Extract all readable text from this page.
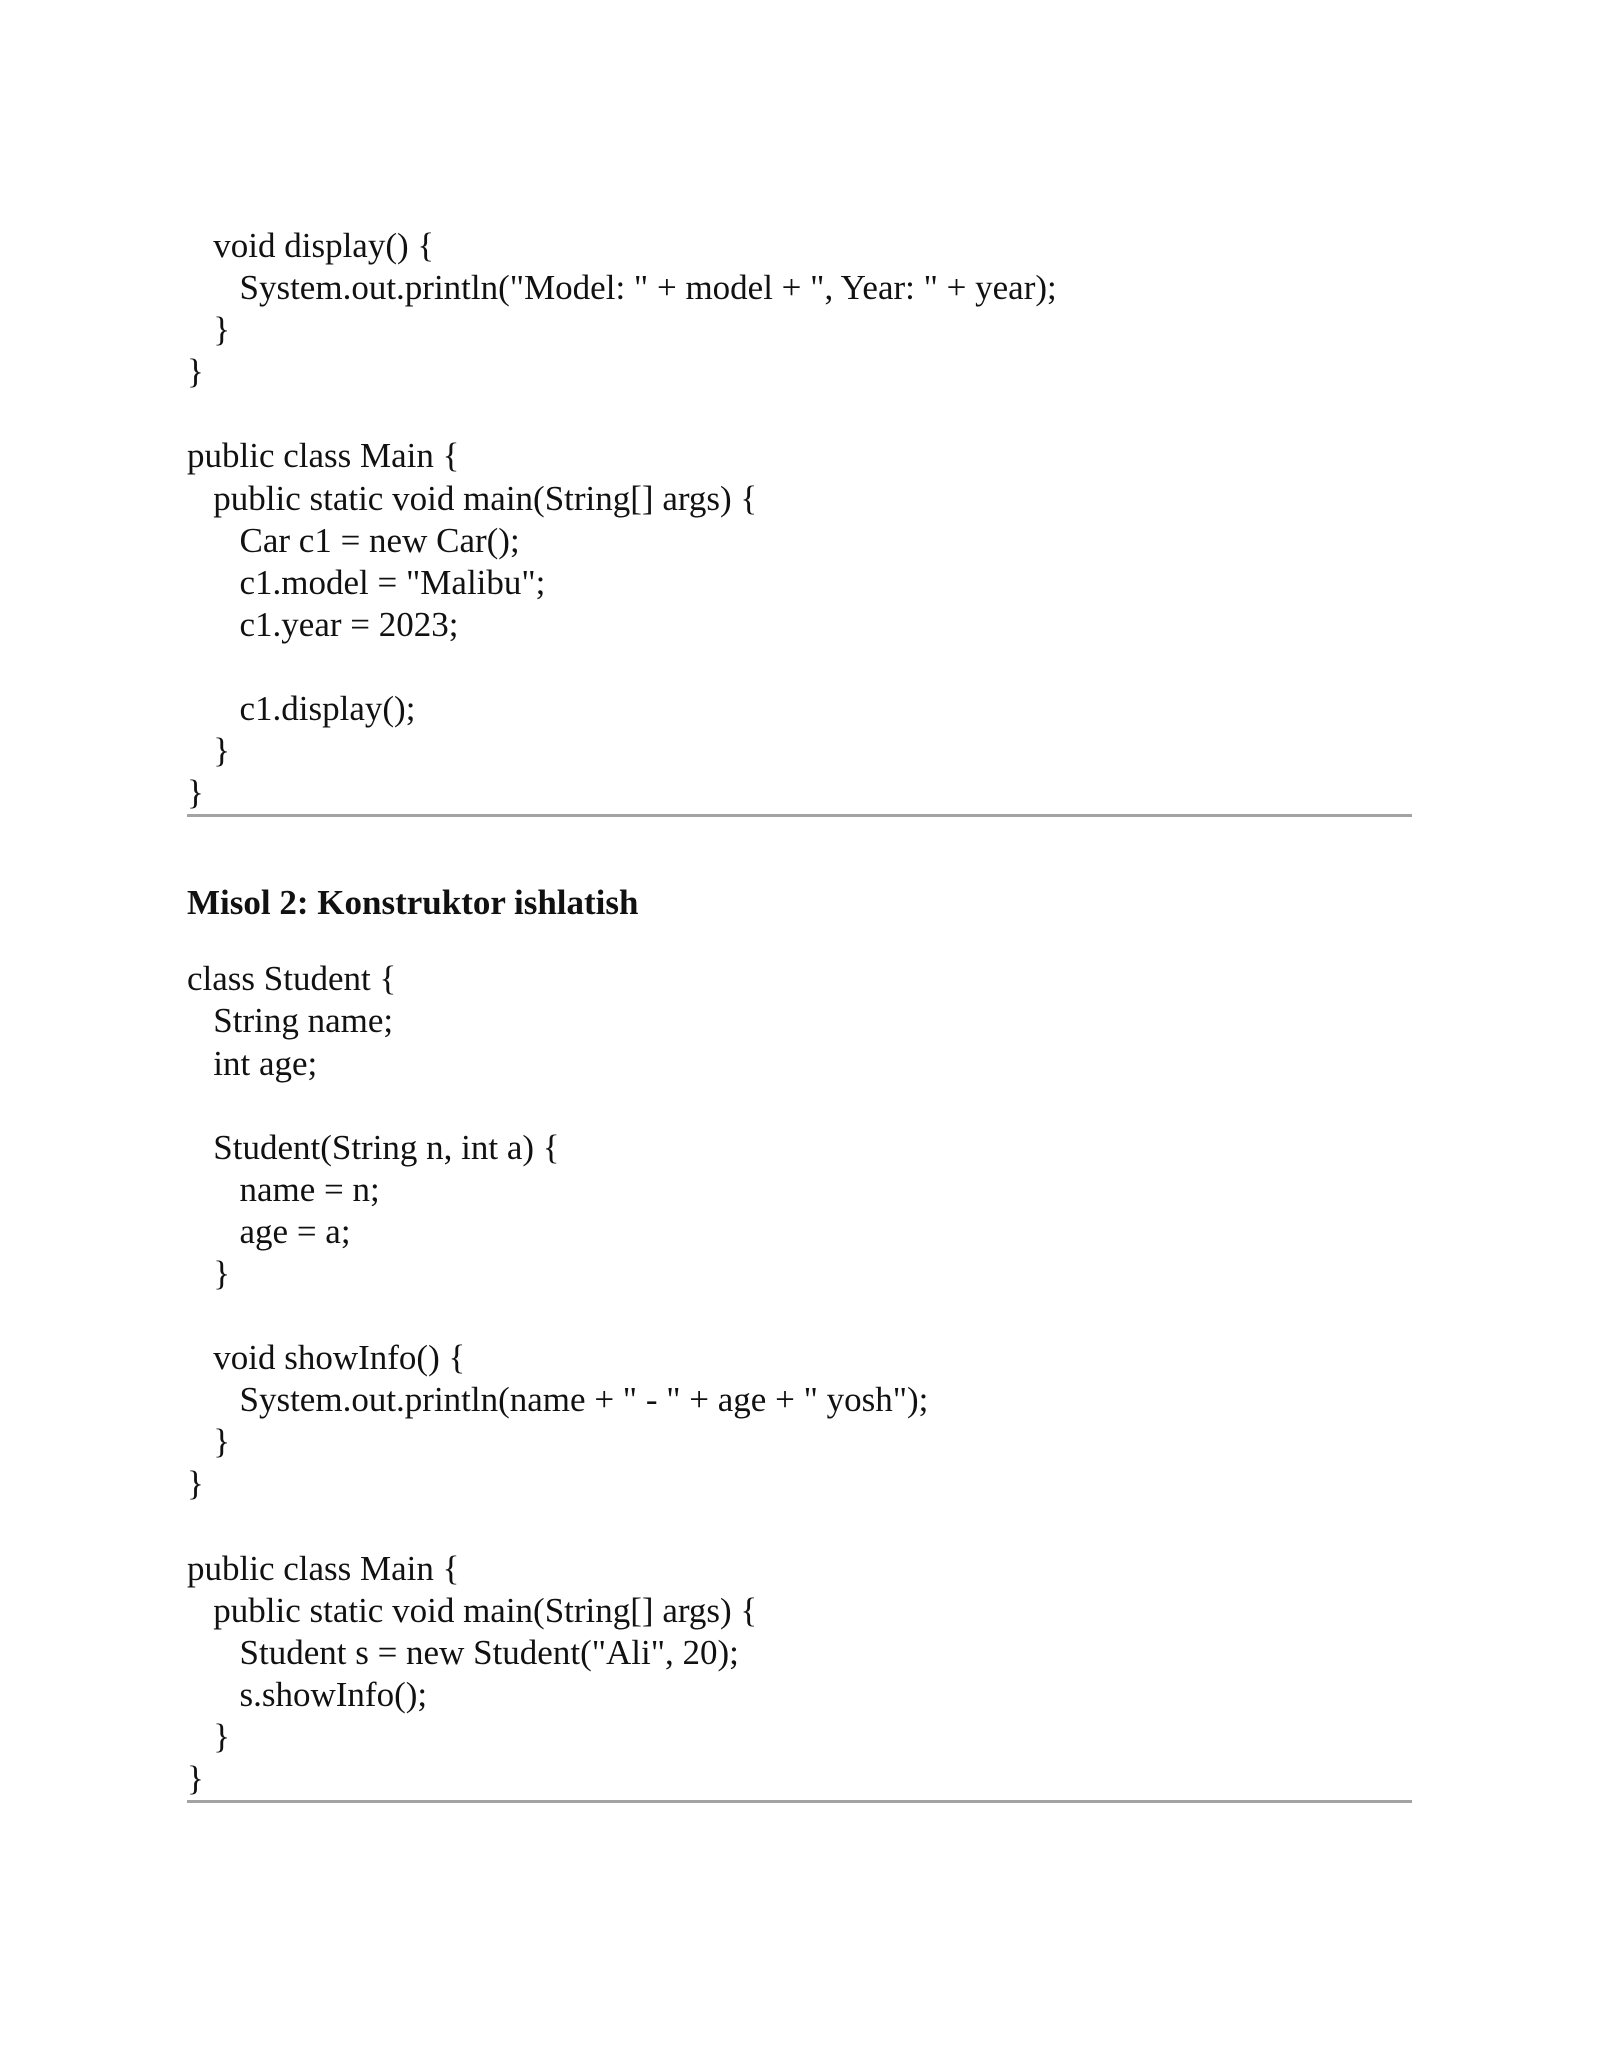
void display() {
System.out.println("Model: " + model + ", Year: " + year);
}
}
public class Main {
public static void main(String[] args) {
Car c1 = new Car();
c1.model = "Malibu";
c1.year = 2023;
c1.display();
}
}
Misol 2: Konstruktor ishlatish
class Student {
String name;
int age;
Student(String n, int a) {
name = n;
age = a;
}
void showInfo() {
System.out.println(name + " - " + age + " yosh");
}
}
public class Main {
public static void main(String[] args) {
Student s = new Student("Ali", 20);
s.showInfo();
}
}
